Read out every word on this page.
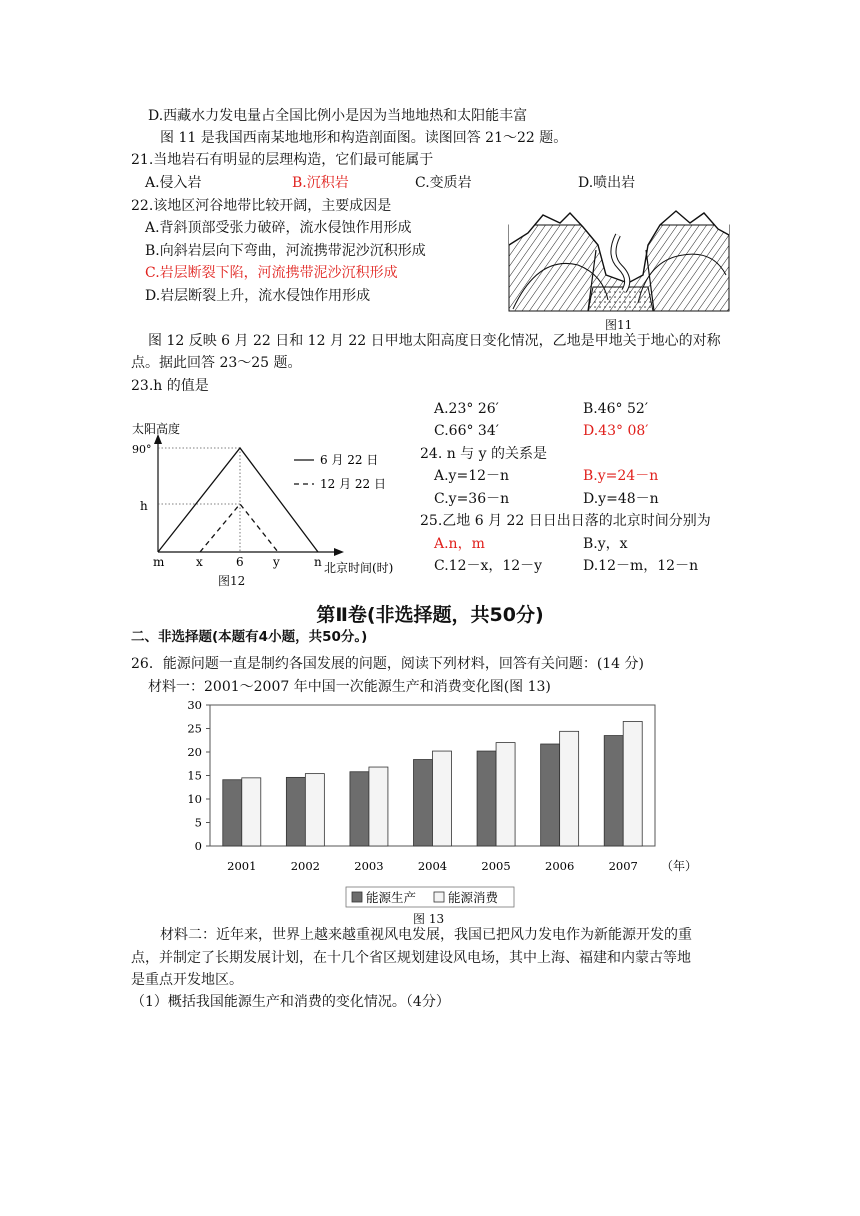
D.西藏水力发电量占全国比例小是因为当地地热和太阳能丰富
图 11 是我国西南某地地形和构造剖面图。读图回答 21～22 题。
21.当地岩石有明显的层理构造，它们最可能属于
A.侵入岩	B.沉积岩	C.变质岩	D.喷出岩
22.该地区河谷地带比较开阔，主要成因是
A.背斜顶部受张力破碎，流水侵蚀作用形成
B.向斜岩层向下弯曲，河流携带泥沙沉积形成
C.岩层断裂下陷，河流携带泥沙沉积形成
D.岩层断裂上升，流水侵蚀作用形成
图11
图 12 反映 6 月 22 日和 12 月 22 日甲地太阳高度日变化情况，乙地是甲地关于地心的对称
点。据此回答 23～25 题。
23.h 的值是
A.23° 26′	B.46° 52′
C.66° 34′	D.43° 08′
24. n 与 y 的关系是
A.y=12－n	B.y=24－n
C.y=36－n	D.y=48－n
25.乙地 6 月 22 日日出日落的北京时间分别为
A.n，m	B.y，x
C.12－x，12－y	D.12－m，12－n
太阳高度
90°
h
m	x	6 y	n 北京时间(时)
6 月 22 日
12 月 22 日
图12
第Ⅱ卷(非选择题，共50分)
二、非选择题(本题有4小题，共50分。)
26．能源问题一直是制约各国发展的问题，阅读下列材料，回答有关问题：(14 分)
材料一：2001～2007 年中国一次能源生产和消费变化图(图 13)
0
5
10
15
20
25
30
2001	2002	2003	2004	2005	2006	2007 （年）
能源生产	能源消费
图 13
材料二：近年来，世界上越来越重视风电发展，我国已把风力发电作为新能源开发的重
点，并制定了长期发展计划，在十几个省区规划建设风电场，其中上海、福建和内蒙古等地
是重点开发地区。
（1）概括我国能源生产和消费的变化情况。（4分）
